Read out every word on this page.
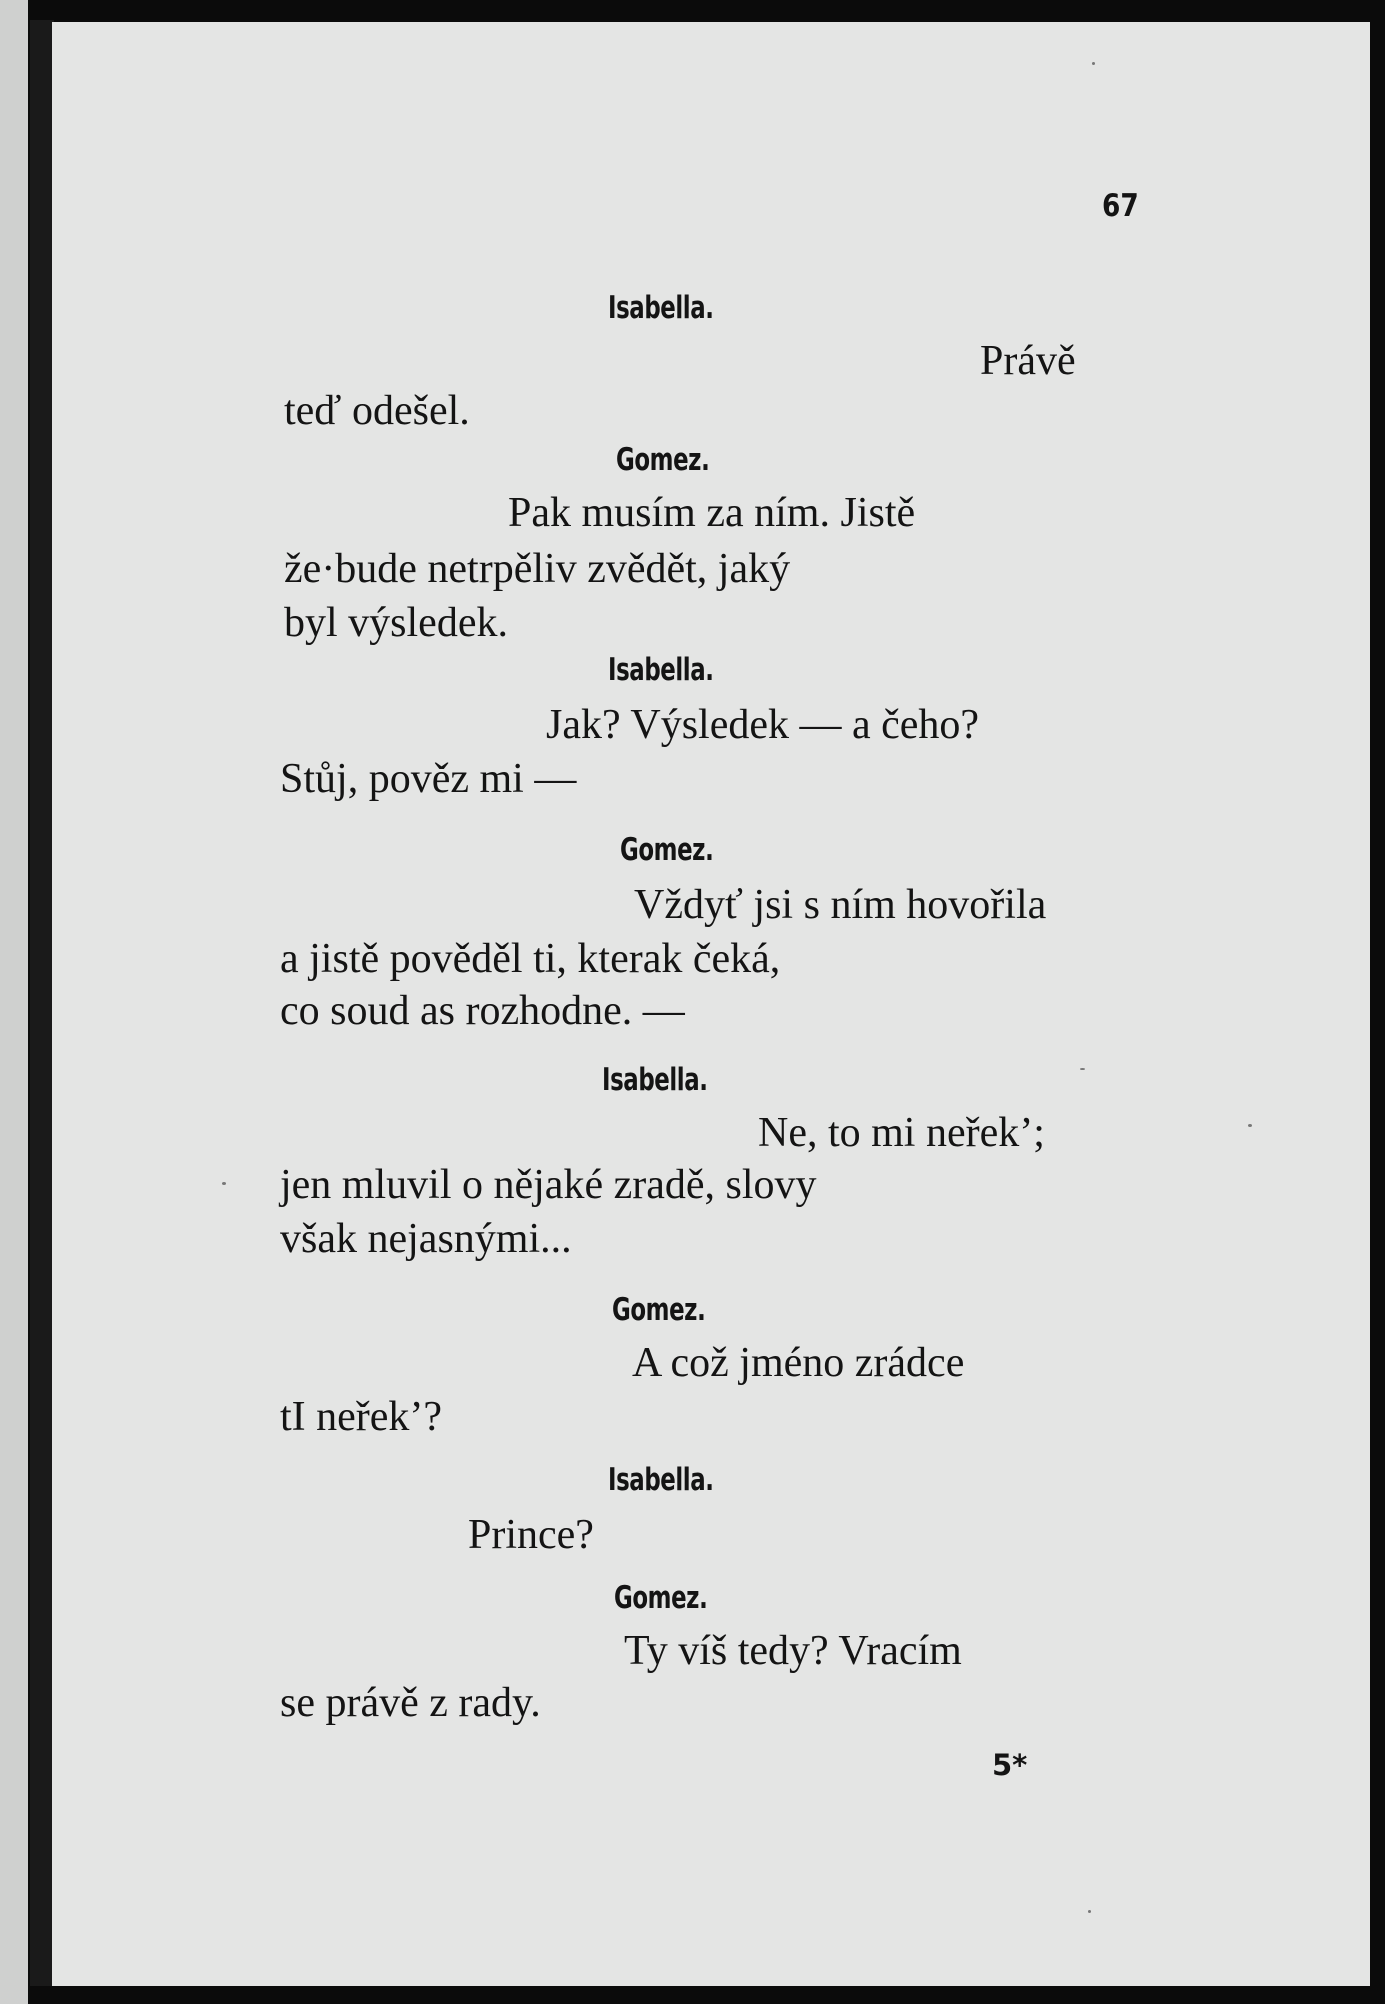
67
Isabella.
Právě
teď odešel.
Gomez.
Pak musím za ním. Jistě
že·bude netrpěliv zvědět, jaký
byl výsledek.
Isabella.
Jak? Výsledek — a čeho?
Stůj, pověz mi —
Gomez.
Vždyť jsi s ním hovořila
a jistě pověděl ti, kterak čeká,
co soud as rozhodne. —
Isabella.
Ne, to mi neřek’;
jen mluvil o nějaké zradě, slovy
však nejasnými...
Gomez.
A což jméno zrádce
tI neřek’?
Isabella.
Prince?
Gomez.
Ty víš tedy? Vracím
se právě z rady.
5*
